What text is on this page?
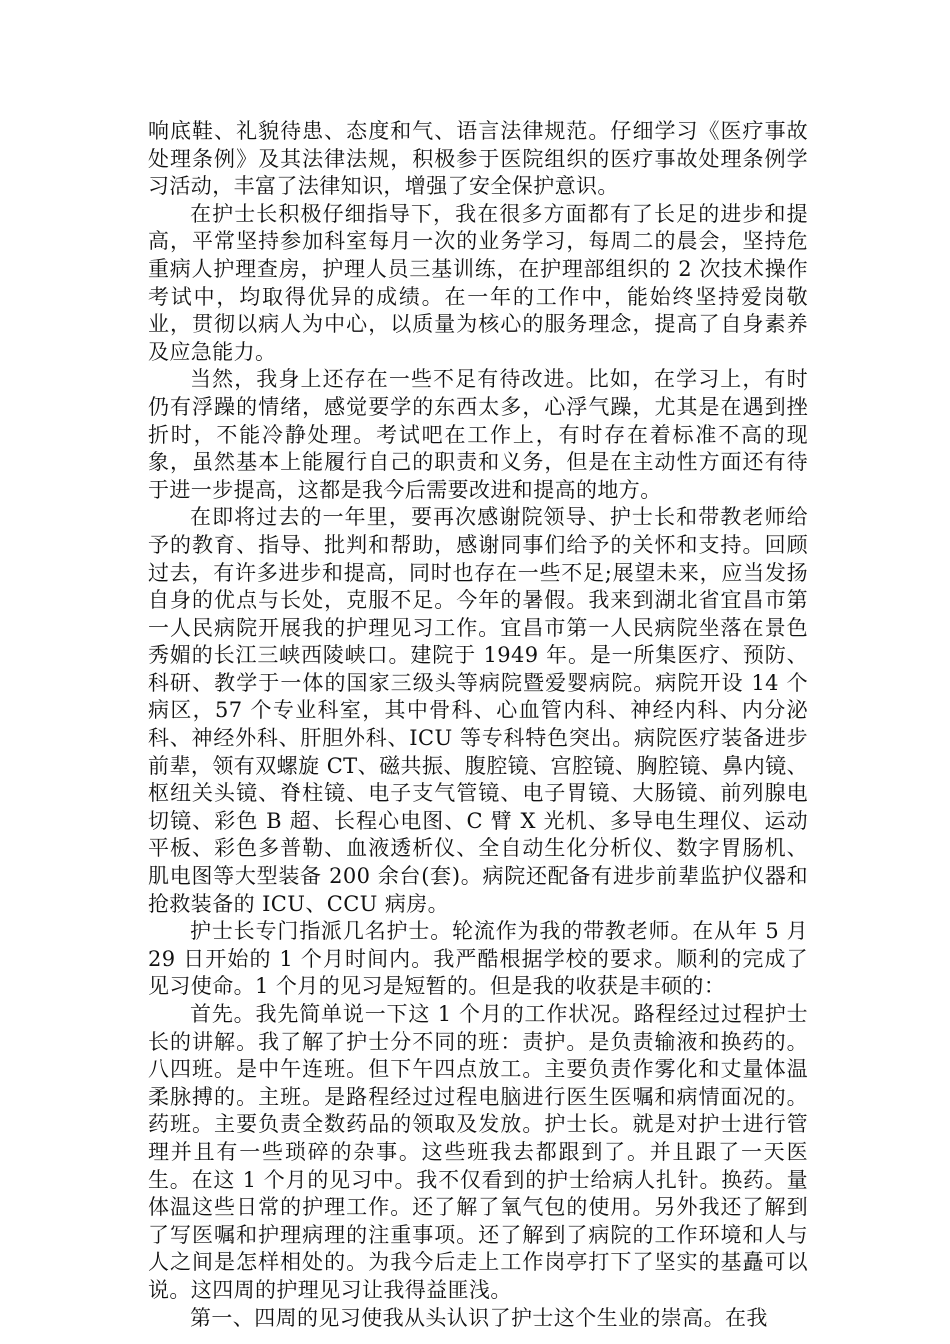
响底鞋、礼貌待患、态度和气、语言法律规范。仔细学习《医疗事故处理条例》及其法律法规，积极参于医院组织的医疗事故处理条例学习活动，丰富了法律知识，增强了安全保护意识。

在护士长积极仔细指导下，我在很多方面都有了长足的进步和提高，平常坚持参加科室每月一次的业务学习，每周二的晨会，坚持危重病人护理查房，护理人员三基训练，在护理部组织的 2 次技术操作考试中，均取得优异的成绩。在一年的工作中，能始终坚持爱岗敬业，贯彻以病人为中心，以质量为核心的服务理念，提高了自身素养及应急能力。

当然，我身上还存在一些不足有待改进。比如，在学习上，有时仍有浮躁的情绪，感觉要学的东西太多，心浮气躁，尤其是在遇到挫折时，不能冷静处理。考试吧在工作上，有时存在着标准不高的现象，虽然基本上能履行自己的职责和义务，但是在主动性方面还有待于进一步提高，这都是我今后需要改进和提高的地方。

在即将过去的一年里，要再次感谢院领导、护士长和带教老师给予的教育、指导、批判和帮助，感谢同事们给予的关怀和支持。回顾过去，有许多进步和提高，同时也存在一些不足;展望未来，应当发扬自身的优点与长处，克服不足。今年的暑假。我来到湖北省宜昌市第一人民病院开展我的护理见习工作。宜昌市第一人民病院坐落在景色秀媚的长江三峡西陵峡口。建院于 1949 年。是一所集医疗、预防、科研、教学于一体的国家三级头等病院暨爱婴病院。病院开设 14 个病区，57 个专业科室，其中骨科、心血管内科、神经内科、内分泌科、神经外科、肝胆外科、ICU 等专科特色突出。病院医疗装备进步前辈，领有双螺旋 CT、磁共振、腹腔镜、宫腔镜、胸腔镜、鼻内镜、枢纽关头镜、脊柱镜、电子支气管镜、电子胃镜、大肠镜、前列腺电切镜、彩色 B 超、长程心电图、C 臂 X 光机、多导电生理仪、运动平板、彩色多普勒、血液透析仪、全自动生化分析仪、数字胃肠机、肌电图等大型装备 200 余台(套)。病院还配备有进步前辈监护仪器和抢救装备的 ICU、CCU 病房。

护士长专门指派几名护士。轮流作为我的带教老师。在从年 5 月 29 日开始的 1 个月时间内。我严酷根据学校的要求。顺利的完成了见习使命。1 个月的见习是短暂的。但是我的收获是丰硕的：

首先。我先简单说一下这 1 个月的工作状况。路程经过过程护士长的讲解。我了解了护士分不同的班：责护。是负责输液和换药的。八四班。是中午连班。但下午四点放工。主要负责作雾化和丈量体温柔脉搏的。主班。是路程经过过程电脑进行医生医嘱和病情面况的。药班。主要负责全数药品的领取及发放。护士长。就是对护士进行管理并且有一些琐碎的杂事。这些班我去都跟到了。并且跟了一天医生。在这 1 个月的见习中。我不仅看到的护士给病人扎针。换药。量体温这些日常的护理工作。还了解了氧气包的使用。另外我还了解到了写医嘱和护理病理的注重事项。还了解到了病院的工作环境和人与人之间是怎样相处的。为我今后走上工作岗亭打下了坚实的基矗可以说。这四周的护理见习让我得益匪浅。

第一、四周的见习使我从头认识了护士这个生业的崇高。在我
